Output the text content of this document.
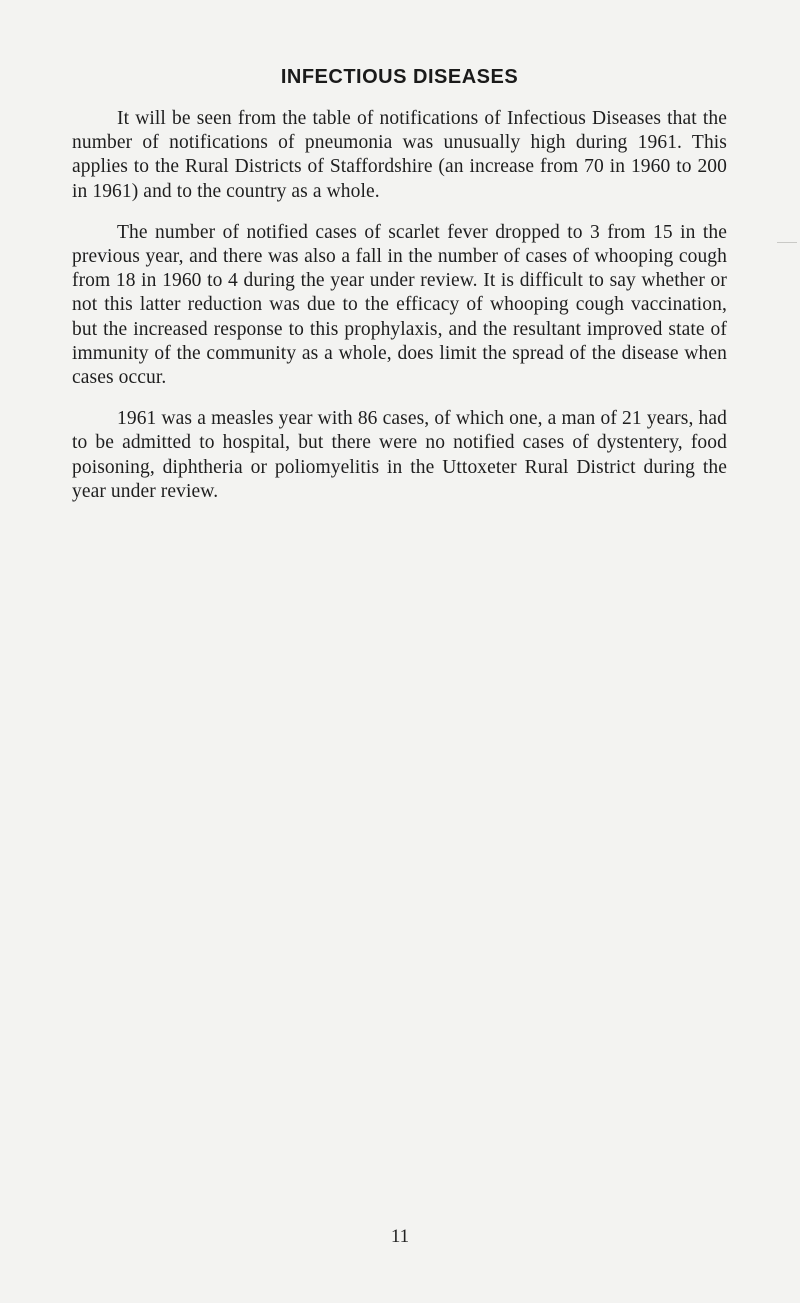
INFECTIOUS DISEASES

It will be seen from the table of notifications of Infectious Diseases that the number of notifications of pneumonia was unusually high during 1961. This applies to the Rural Districts of Staffordshire (an increase from 70 in 1960 to 200 in 1961) and to the country as a whole.

The number of notified cases of scarlet fever dropped to 3 from 15 in the previous year, and there was also a fall in the number of cases of whooping cough from 18 in 1960 to 4 during the year under review. It is difficult to say whether or not this latter reduction was due to the efficacy of whooping cough vaccination, but the increased response to this prophylaxis, and the resultant improved state of immunity of the community as a whole, does limit the spread of the disease when cases occur.

1961 was a measles year with 86 cases, of which one, a man of 21 years, had to be admitted to hospital, but there were no notified cases of dystentery, food poisoning, diphtheria or poliomyelitis in the Uttoxeter Rural District during the year under review.

11
